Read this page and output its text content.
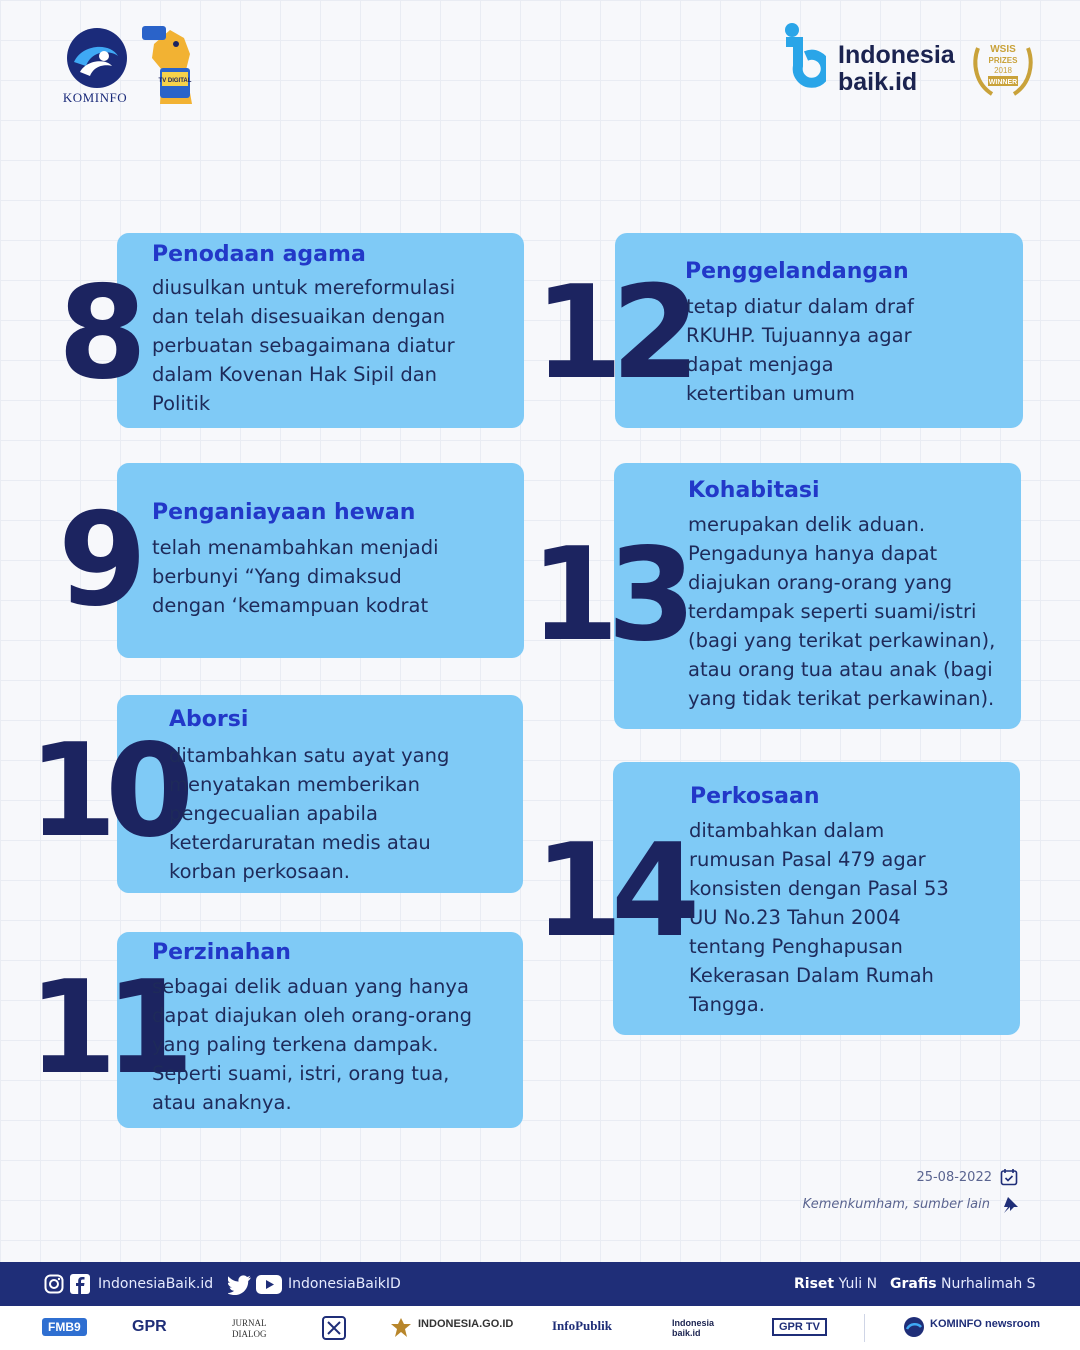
KOMINFO
TV DIGITAL
Indonesia
baik.id
WSIS
PRIZES
2018
WINNER
8
Penodaan agama
diusulkan untuk mereformulasi dan telah disesuaikan dengan perbuatan sebagaimana diatur dalam Kovenan Hak Sipil dan Politik
9 Penganiayaan hewan
telah menambahkan menjadi berbunyi “Yang dimaksud dengan ‘kemampuan kodrat
10
Aborsi
ditambahkan satu ayat yang menyatakan memberikan pengecualian apabila keterdaruratan medis atau korban perkosaan.
11
Perzinahan
sebagai delik aduan yang hanya dapat diajukan oleh orang-orang yang paling terkena dampak. Seperti suami, istri, orang tua, atau anaknya.
12
Penggelandangan
tetap diatur dalam draf RKUHP. Tujuannya agar dapat menjaga ketertiban umum
13
Kohabitasi
merupakan delik aduan. Pengadunya hanya dapat diajukan orang-orang yang terdampak seperti suami/istri (bagi yang terikat perkawinan), atau orang tua atau anak (bagi yang tidak terikat perkawinan).
14
Perkosaan
ditambahkan dalam rumusan Pasal 479 agar konsisten dengan Pasal 53 UU No.23 Tahun 2004 tentang Penghapusan Kekerasan Dalam Rumah Tangga.
25-08-2022
Kemenkumham, sumber lain
IndonesiaBaik.id	IndonesiaBaikID	Riset Yuli N Grafis Nurhalimah S
FMB9	GPR	JURNAL DIALOG
INDONESIA.GO.ID	InfoPublik	Indonesia baik.id	GPR TV	KOMINFO newsroom
